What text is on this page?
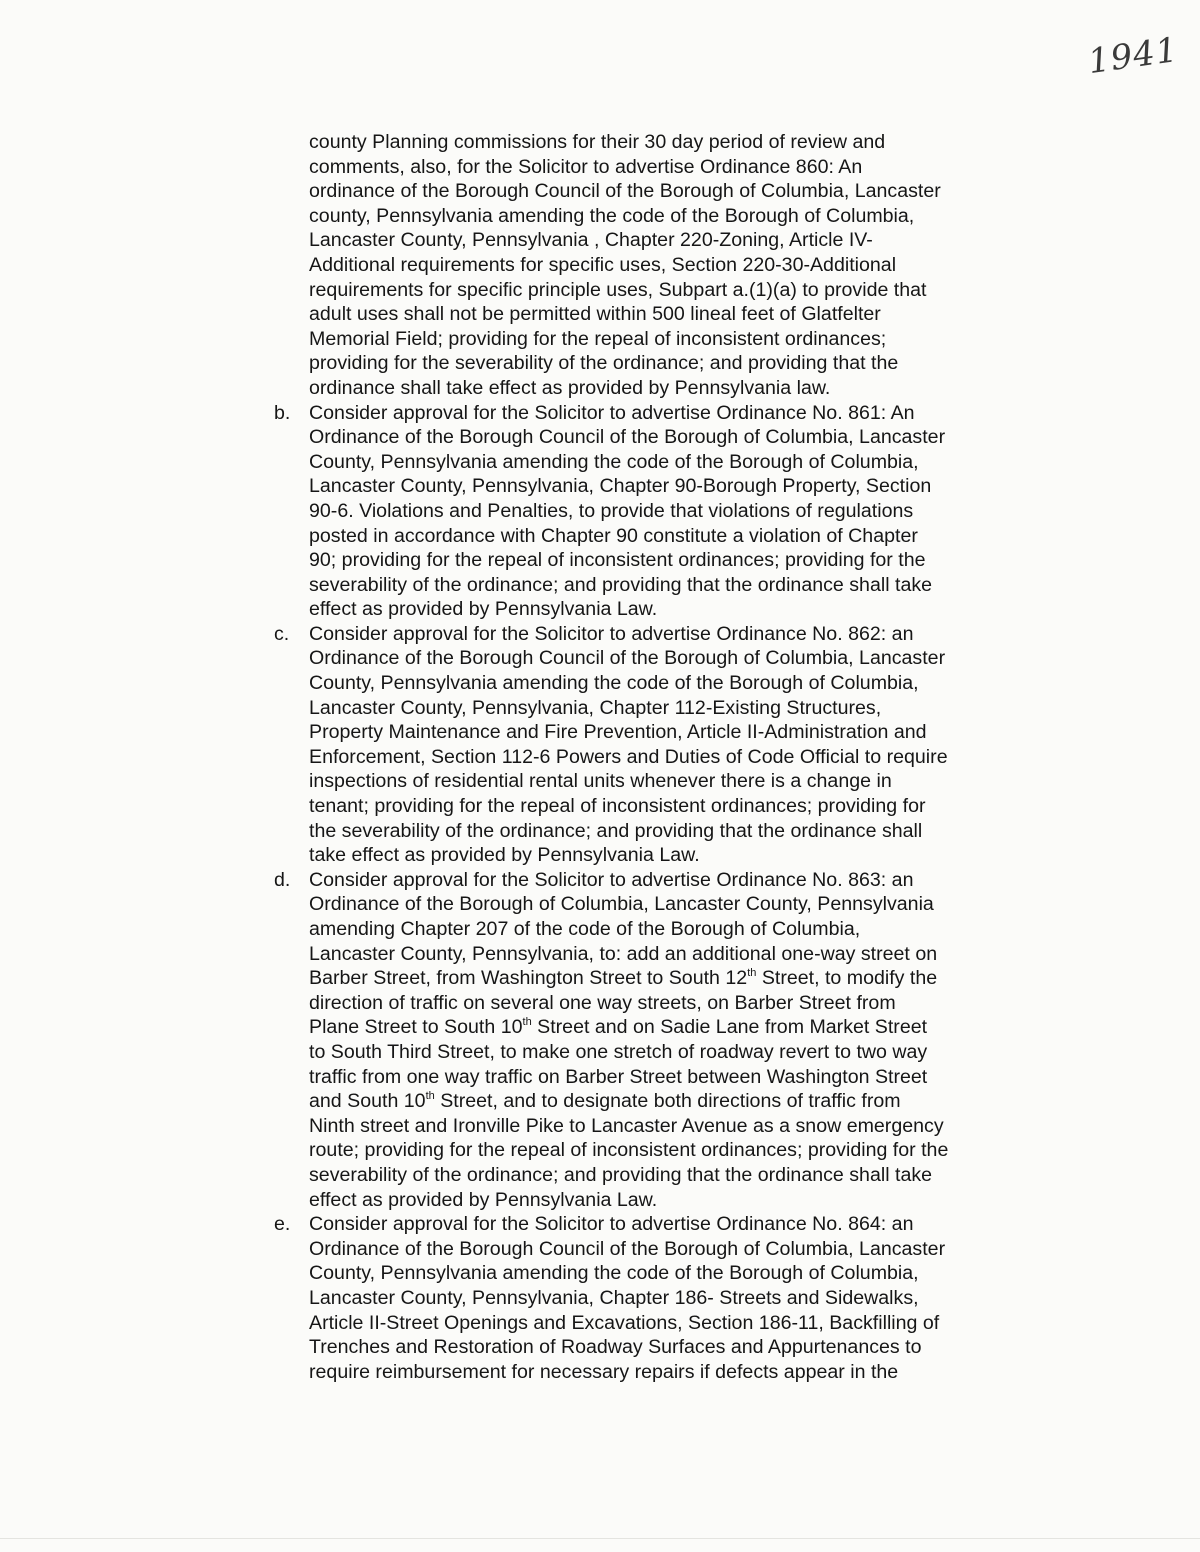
1941

county Planning commissions for their 30 day period of review and
comments, also, for the Solicitor to advertise Ordinance 860: An
ordinance of the Borough Council of the Borough of Columbia, Lancaster
county, Pennsylvania amending the code of the Borough of Columbia,
Lancaster County, Pennsylvania , Chapter 220-Zoning, Article IV-
Additional requirements for specific uses, Section 220-30-Additional
requirements for specific principle uses, Subpart a.(1)(a) to provide that
adult uses shall not be permitted within 500 lineal feet of Glatfelter
Memorial Field; providing for the repeal of inconsistent ordinances;
providing for the severability of the ordinance; and providing that the
ordinance shall take effect as provided by Pennsylvania law.

b. Consider approval for the Solicitor to advertise Ordinance No. 861: An
Ordinance of the Borough Council of the Borough of Columbia, Lancaster
County, Pennsylvania amending the code of the Borough of Columbia,
Lancaster County, Pennsylvania, Chapter 90-Borough Property, Section
90-6. Violations and Penalties, to provide that violations of regulations
posted in accordance with Chapter 90 constitute a violation of Chapter
90; providing for the repeal of inconsistent ordinances; providing for the
severability of the ordinance; and providing that the ordinance shall take
effect as provided by Pennsylvania Law.
c. Consider approval for the Solicitor to advertise Ordinance No. 862: an
Ordinance of the Borough Council of the Borough of Columbia, Lancaster
County, Pennsylvania amending the code of the Borough of Columbia,
Lancaster County, Pennsylvania, Chapter 112-Existing Structures,
Property Maintenance and Fire Prevention, Article II-Administration and
Enforcement, Section 112-6 Powers and Duties of Code Official to require
inspections of residential rental units whenever there is a change in
tenant; providing for the repeal of inconsistent ordinances; providing for
the severability of the ordinance; and providing that the ordinance shall
take effect as provided by Pennsylvania Law.
d. Consider approval for the Solicitor to advertise Ordinance No. 863: an
Ordinance of the Borough of Columbia, Lancaster County, Pennsylvania
amending Chapter 207 of the code of the Borough of Columbia,
Lancaster County, Pennsylvania, to: add an additional one-way street on
Barber Street, from Washington Street to South 12th Street, to modify the
direction of traffic on several one way streets, on Barber Street from
Plane Street to South 10th Street and on Sadie Lane from Market Street
to South Third Street, to make one stretch of roadway revert to two way
traffic from one way traffic on Barber Street between Washington Street
and South 10th Street, and to designate both directions of traffic from
Ninth street and Ironville Pike to Lancaster Avenue as a snow emergency
route; providing for the repeal of inconsistent ordinances; providing for the
severability of the ordinance; and providing that the ordinance shall take
effect as provided by Pennsylvania Law.
e. Consider approval for the Solicitor to advertise Ordinance No. 864: an
Ordinance of the Borough Council of the Borough of Columbia, Lancaster
County, Pennsylvania amending the code of the Borough of Columbia,
Lancaster County, Pennsylvania, Chapter 186- Streets and Sidewalks,
Article II-Street Openings and Excavations, Section 186-11, Backfilling of
Trenches and Restoration of Roadway Surfaces and Appurtenances to
require reimbursement for necessary repairs if defects appear in the
